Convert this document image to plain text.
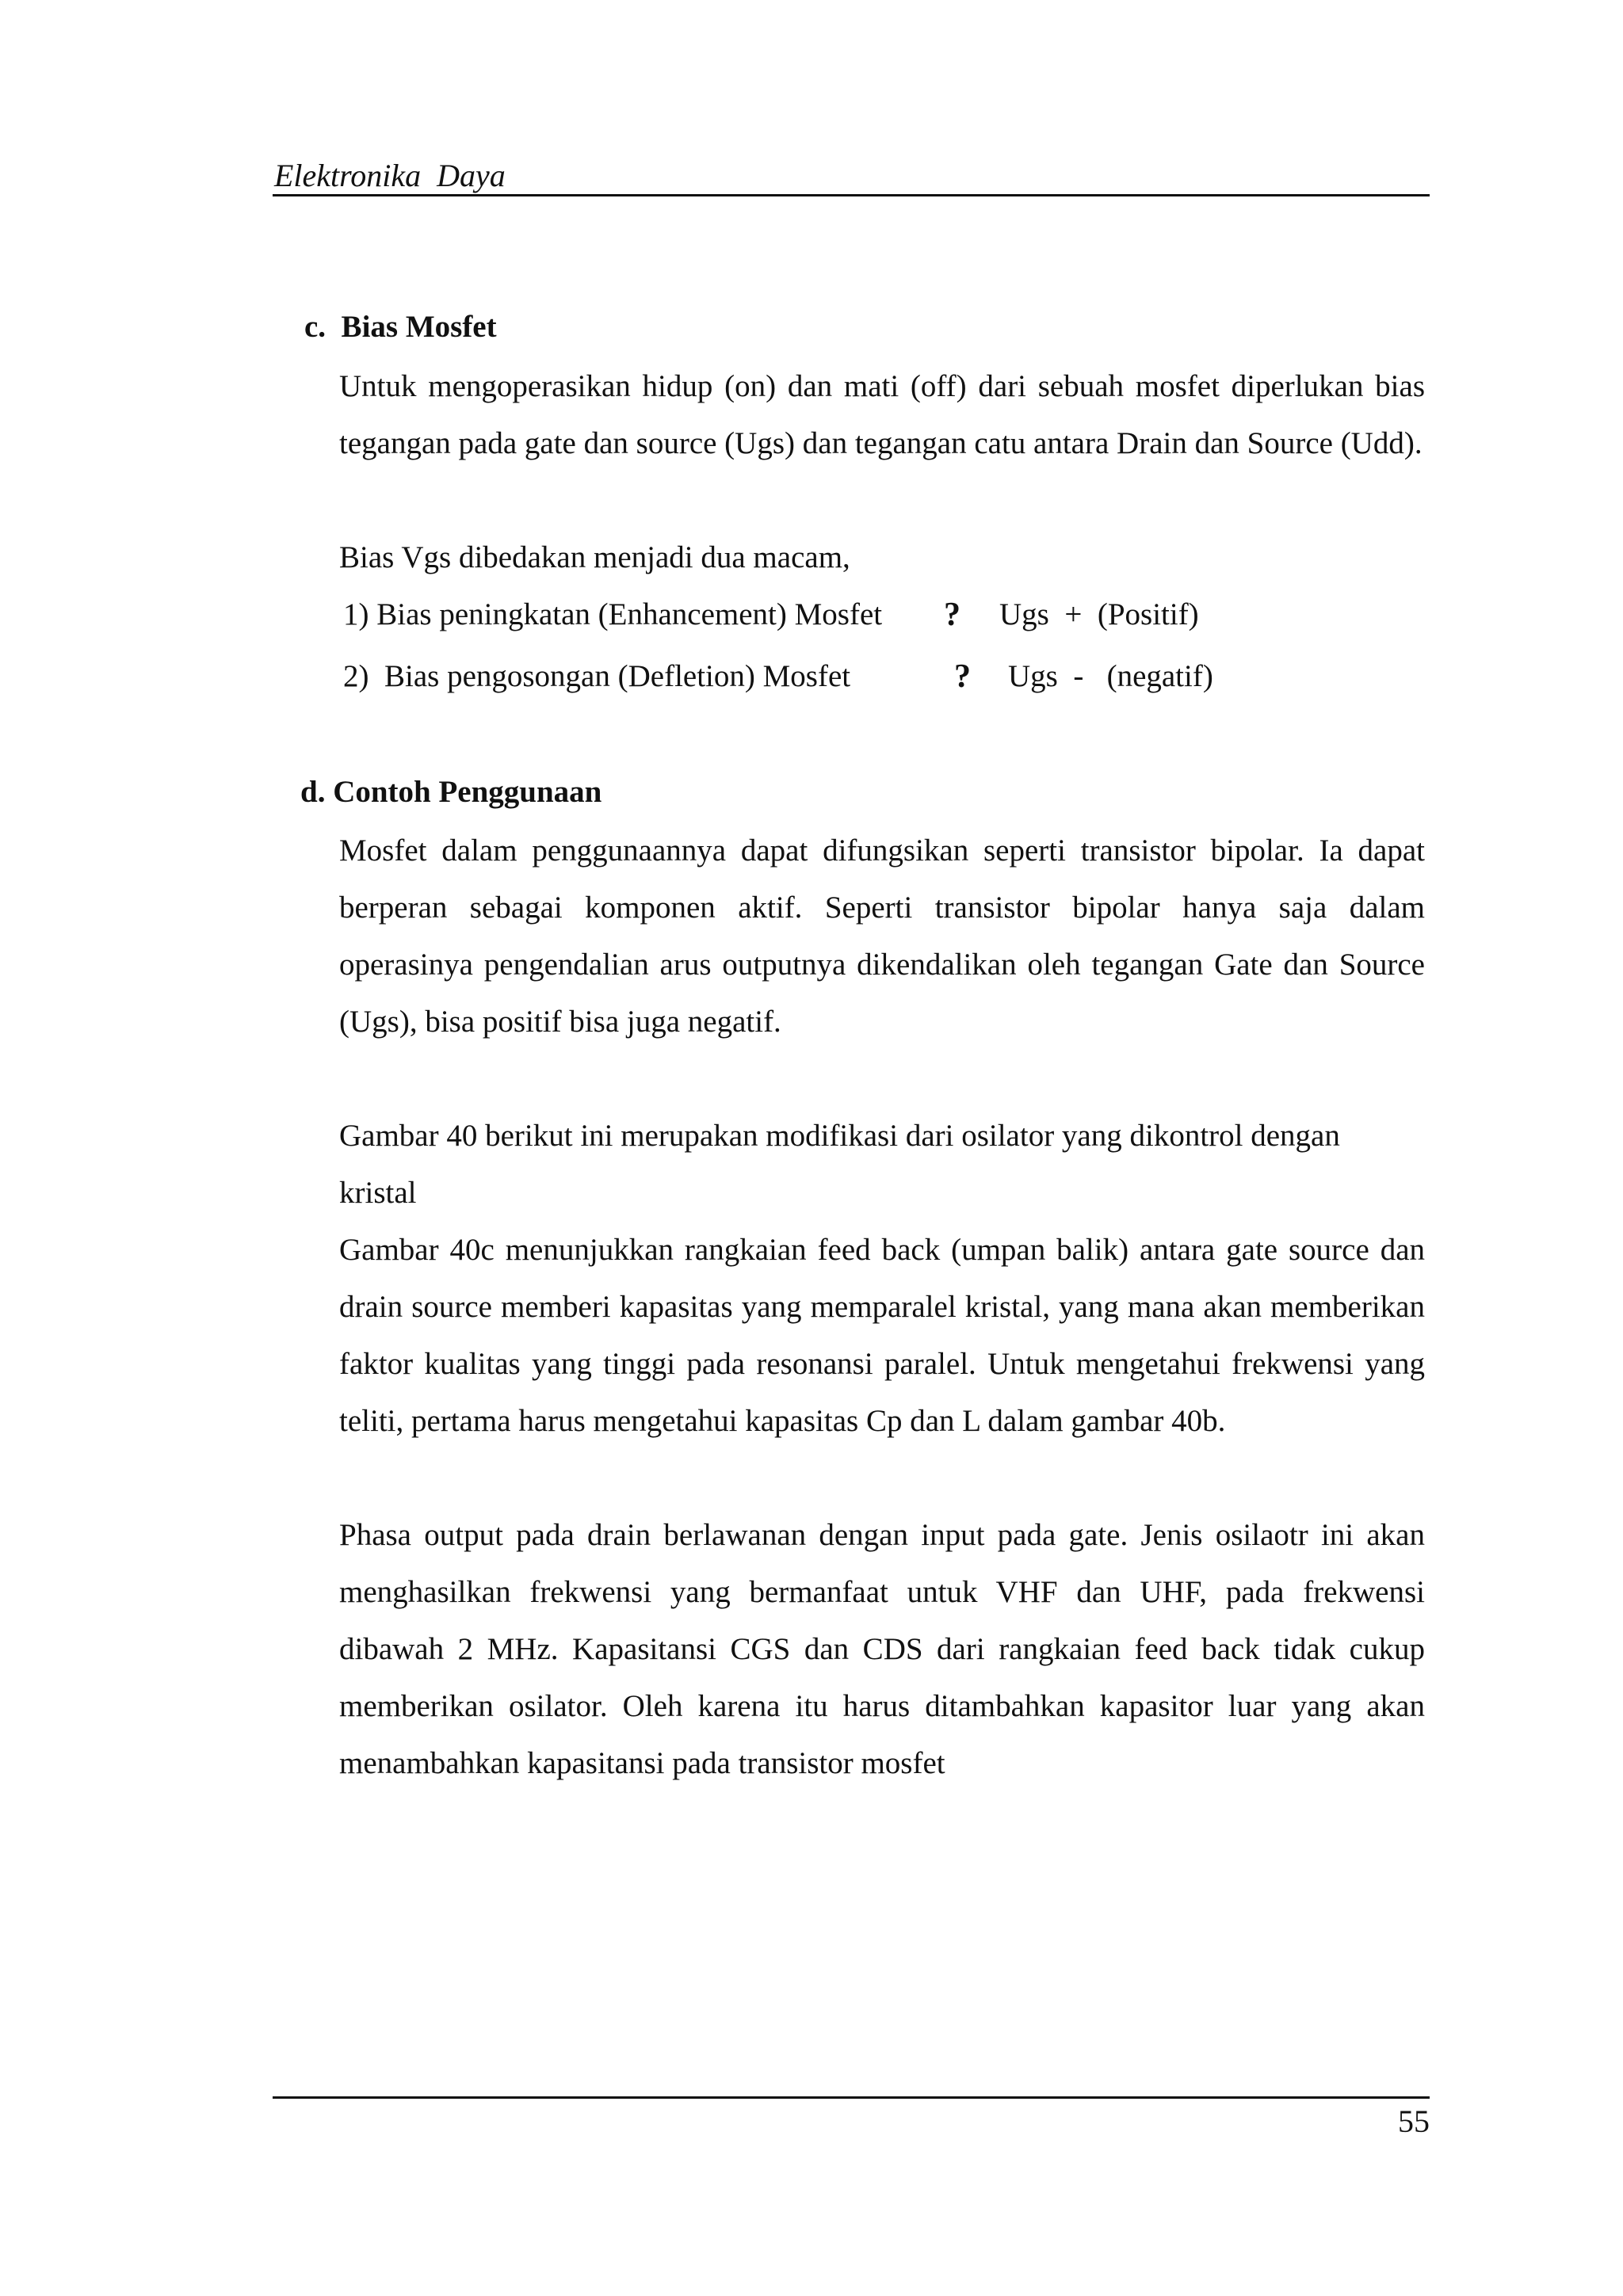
Elektronika  Daya
c.  Bias Mosfet

Untuk mengoperasikan hidup (on) dan mati (off) dari sebuah mosfet diperlukan bias tegangan pada gate dan source (Ugs) dan tegangan catu antara Drain dan Source (Udd).

Bias Vgs dibedakan menjadi dua macam,

1) Bias peningkatan (Enhancement) Mosfet ? Ugs  +  (Positif)
2)  Bias pengosongan (Defletion) Mosfet	? Ugs  -   (negatif)
d. Contoh Penggunaan

Mosfet dalam penggunaannya dapat difungsikan seperti transistor bipolar. Ia dapat berperan sebagai komponen aktif. Seperti transistor bipolar hanya saja dalam operasinya pengendalian arus outputnya dikendalikan oleh tegangan Gate dan Source (Ugs), bisa positif bisa juga negatif.

Gambar 40 berikut ini merupakan modifikasi dari osilator yang dikontrol dengan

kristal

Gambar 40c menunjukkan rangkaian feed back (umpan balik) antara gate source dan drain source memberi kapasitas yang memparalel kristal, yang mana akan memberikan faktor kualitas yang tinggi pada resonansi paralel. Untuk mengetahui frekwensi yang teliti, pertama harus mengetahui kapasitas Cp dan L dalam gambar 40b.

Phasa output pada drain berlawanan dengan input pada gate. Jenis osilaotr ini akan menghasilkan frekwensi yang bermanfaat untuk VHF dan UHF, pada frekwensi dibawah 2 MHz. Kapasitansi CGS dan CDS dari rangkaian feed back tidak cukup memberikan osilator. Oleh karena itu harus ditambahkan kapasitor luar yang akan menambahkan kapasitansi pada transistor mosfet

55
